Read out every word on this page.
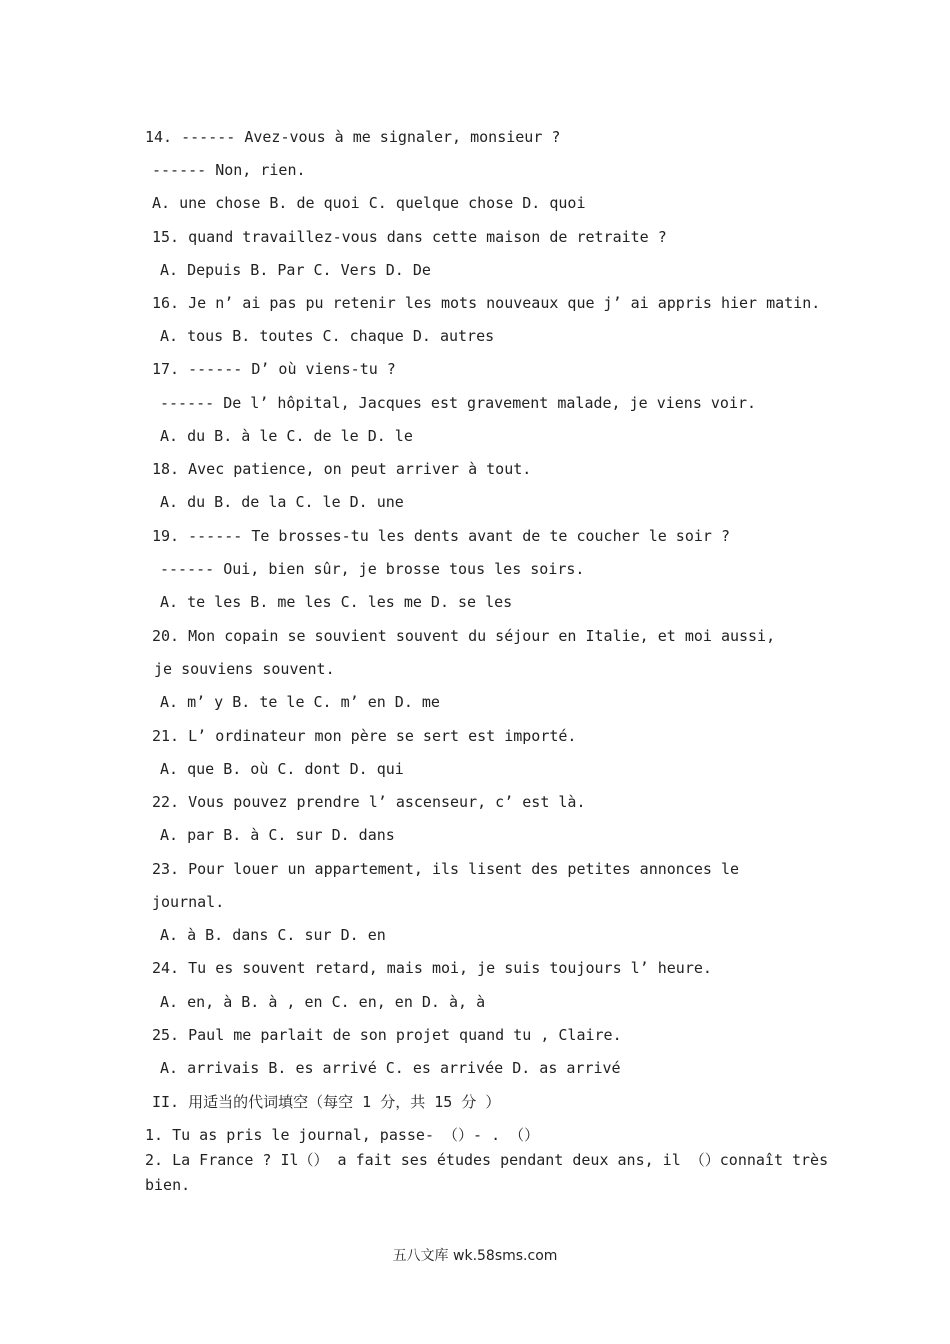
14. ------ Avez-vous à me signaler, monsieur ?
------ Non, rien.
A. une chose B. de quoi C. quelque chose D. quoi
15. quand travaillez-vous dans cette maison de retraite ?
A. Depuis B. Par C. Vers D. De
16. Je n’ ai pas pu retenir les mots nouveaux que j’ ai appris hier matin.
A. tous B. toutes C. chaque D. autres
17. ------ D’ où viens-tu ?
------ De l’ hôpital, Jacques est gravement malade, je viens voir.
A. du B. à le C. de le D. le
18. Avec patience, on peut arriver à tout.
A. du B. de la C. le D. une
19. ------ Te brosses-tu les dents avant de te coucher le soir ?
------ Oui, bien sûr, je brosse tous les soirs.
A. te les B. me les C. les me D. se les
20. Mon copain se souvient souvent du séjour en Italie, et moi aussi,
je souviens souvent.
A. m’ y B. te le C. m’ en D. me
21. L’ ordinateur mon père se sert est importé.
A. que B. où C. dont D. qui
22. Vous pouvez prendre l’ ascenseur, c’ est là.
A. par B. à C. sur D. dans
23. Pour louer un appartement, ils lisent des petites annonces le
journal.
A. à B. dans C. sur D. en
24. Tu es souvent retard, mais moi, je suis toujours l’ heure.
A. en, à B. à , en C. en, en D. à, à
25. Paul me parlait de son projet quand tu , Claire.
A. arrivais B. es arrivé C. es arrivée D. as arrivé
II. 用适当的代词填空（每空 1 分，共 15 分 ）
1. Tu as pris le journal, passe- （）- . （）
2. La France ? Il（） a fait ses études pendant deux ans, il （）connaît très
bien.
五八文库 wk.58sms.com
